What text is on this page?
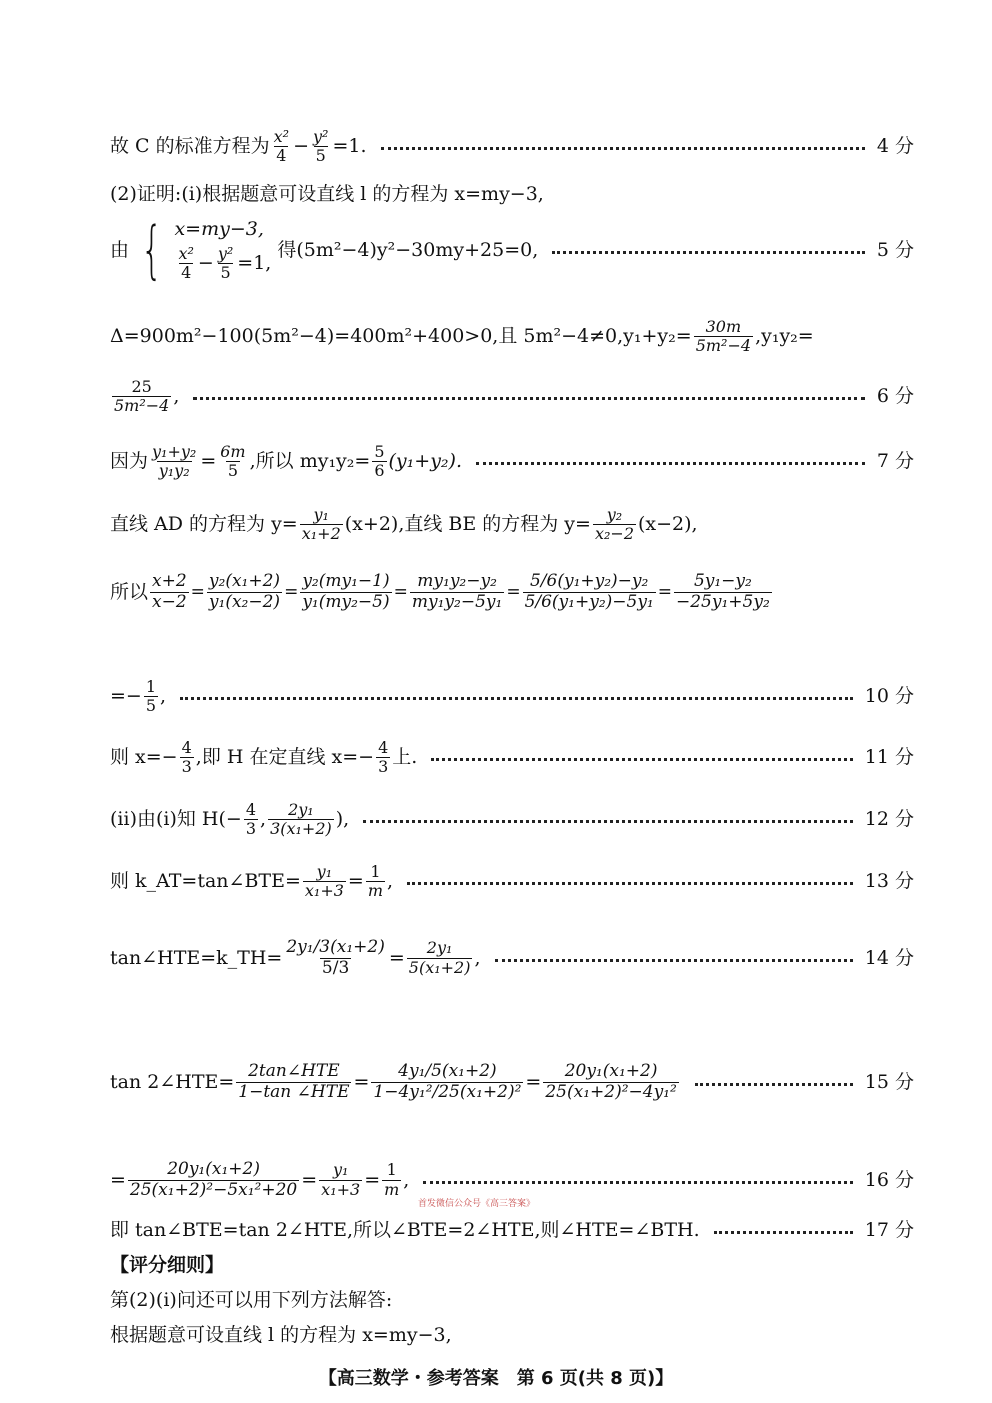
故 C 的标准方程为 $\frac{\text{x²}}{4} - \frac{\text{y²}}{5} =1$.	4 分
(2)证明:(ⅰ)根据题意可设直线 l 的方程为 x=my−3,
由 { x=my−3,
$\frac{\text{x²}}{4} - \frac{\text{y²}}{5} =1$,
得(5m²−4)y²−30my+25=0,	5 分
Δ=900m²−100(5m²−4)=400m²+400>0,且 $5m^2-4\ne 0,y_1+y_2= \frac{30m}{\text{5m²−4}} ,y_1y_2=$
$\frac{25}{\text{5m²−4}}$ ,	6 分
因为 $\frac{\text{y₁+y₂}}{\text{y₁y₂}} = \frac{6m}{5}$ ,所以 $my_1y_2= \frac{5}{6} (y_1+y_2)$.	7 分
直线 AD 的方程为 $y= \frac{\text{y₁}}{\text{x₁+2}} (x+2)$,直线 BE 的方程为 $y= \frac{\text{y₂}}{\text{x₂−2}} (x-2)$,
所以 $\frac{x+2}{x-2} = \frac{\text{y₂(x₁+2)}}{\text{y₁(x₂−2)}} = \frac{\text{y₂(my₁−1)}}{\text{y₁(my₂−5)}} = \frac{\text{my₁y₂−y₂}}{\text{my₁y₂−5y₁}} = \frac{\text{5/6(y₁+y₂)−y₂}}{\text{5/6(y₁+y₂)−5y₁}} = \frac{\text{5y₁−y₂}}{\text{−25y₁+5y₂}}$
=− $\frac{1}{5}$ ,	10 分
则 $x=- \frac{4}{3}$ ,即 H 在定直线 $x=- \frac{4}{3}$ 上.	11 分
(ⅱ)由(ⅰ)知 $H(- \frac{4}{3}$ , $\frac{\text{2y₁}}{\text{3(x₁+2)}}$ ),	12 分
则 k_AT=tan∠BTE= $\frac{\text{y₁}}{\text{x₁+3}} = \frac{1}{m}$ ,	13 分
tan∠HTE=k_TH= $\frac{\text{2y₁/3(x₁+2)}}{5/3} = \frac{\text{2y₁}}{\text{5(x₁+2)}}$ ,	14 分
tan 2∠HTE= $\frac{\text{2tan∠HTE}}{\text{1−tan ∠HTE}} = \frac{\text{4y₁/5(x₁+2)}}{\text{1−4y₁²/25(x₁+2)²}} = \frac{\text{20y₁(x₁+2)}}{\text{25(x₁+2)²−4y₁²}}$	15 分
= $\frac{\text{20y₁(x₁+2)}}{\text{25(x₁+2)²−5x₁²+20}} = \frac{\text{y₁}}{\text{x₁+3}} = \frac{1}{m}$ ,	16 分
首发微信公众号《高三答案》
即 tan∠BTE=tan 2∠HTE,所以∠BTE=2∠HTE,则∠HTE=∠BTH.	17 分
【评分细则】
第(2)(ⅰ)问还可以用下列方法解答:
根据题意可设直线 l 的方程为 x=my−3,
【高三数学・参考答案　第 6 页(共 8 页)】
